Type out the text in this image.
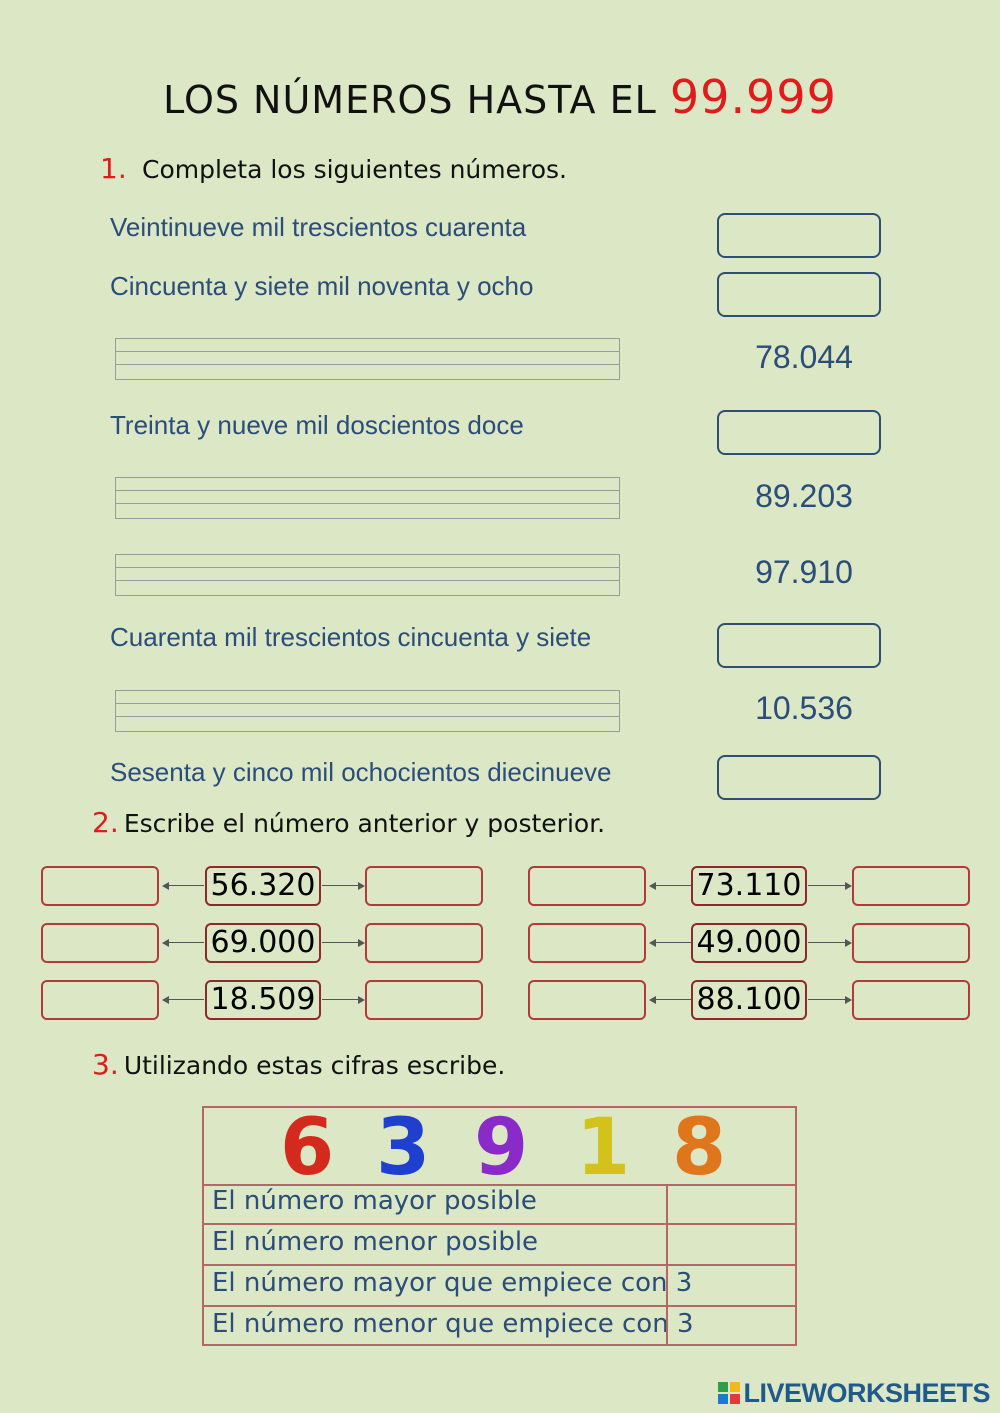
LOS NÚMEROS HASTA EL 99.999
1. Completa los siguientes números.
Veintinueve mil trescientos cuarenta
Cincuenta y siete mil noventa y ocho
78.044
Treinta y nueve mil doscientos doce
89.203
97.910
Cuarenta mil trescientos cincuenta y siete
10.536
Sesenta y cinco mil ochocientos diecinueve
2. Escribe el número anterior y posterior.
56.320
69.000
18.509
73.110
49.000
88.100
3. Utilizando estas cifras escribe.
6 3 9 1 8
El número mayor posible
El número menor posible
El número mayor que empiece con 3
El número menor que empiece con 3
LIVEWORKSHEETS
